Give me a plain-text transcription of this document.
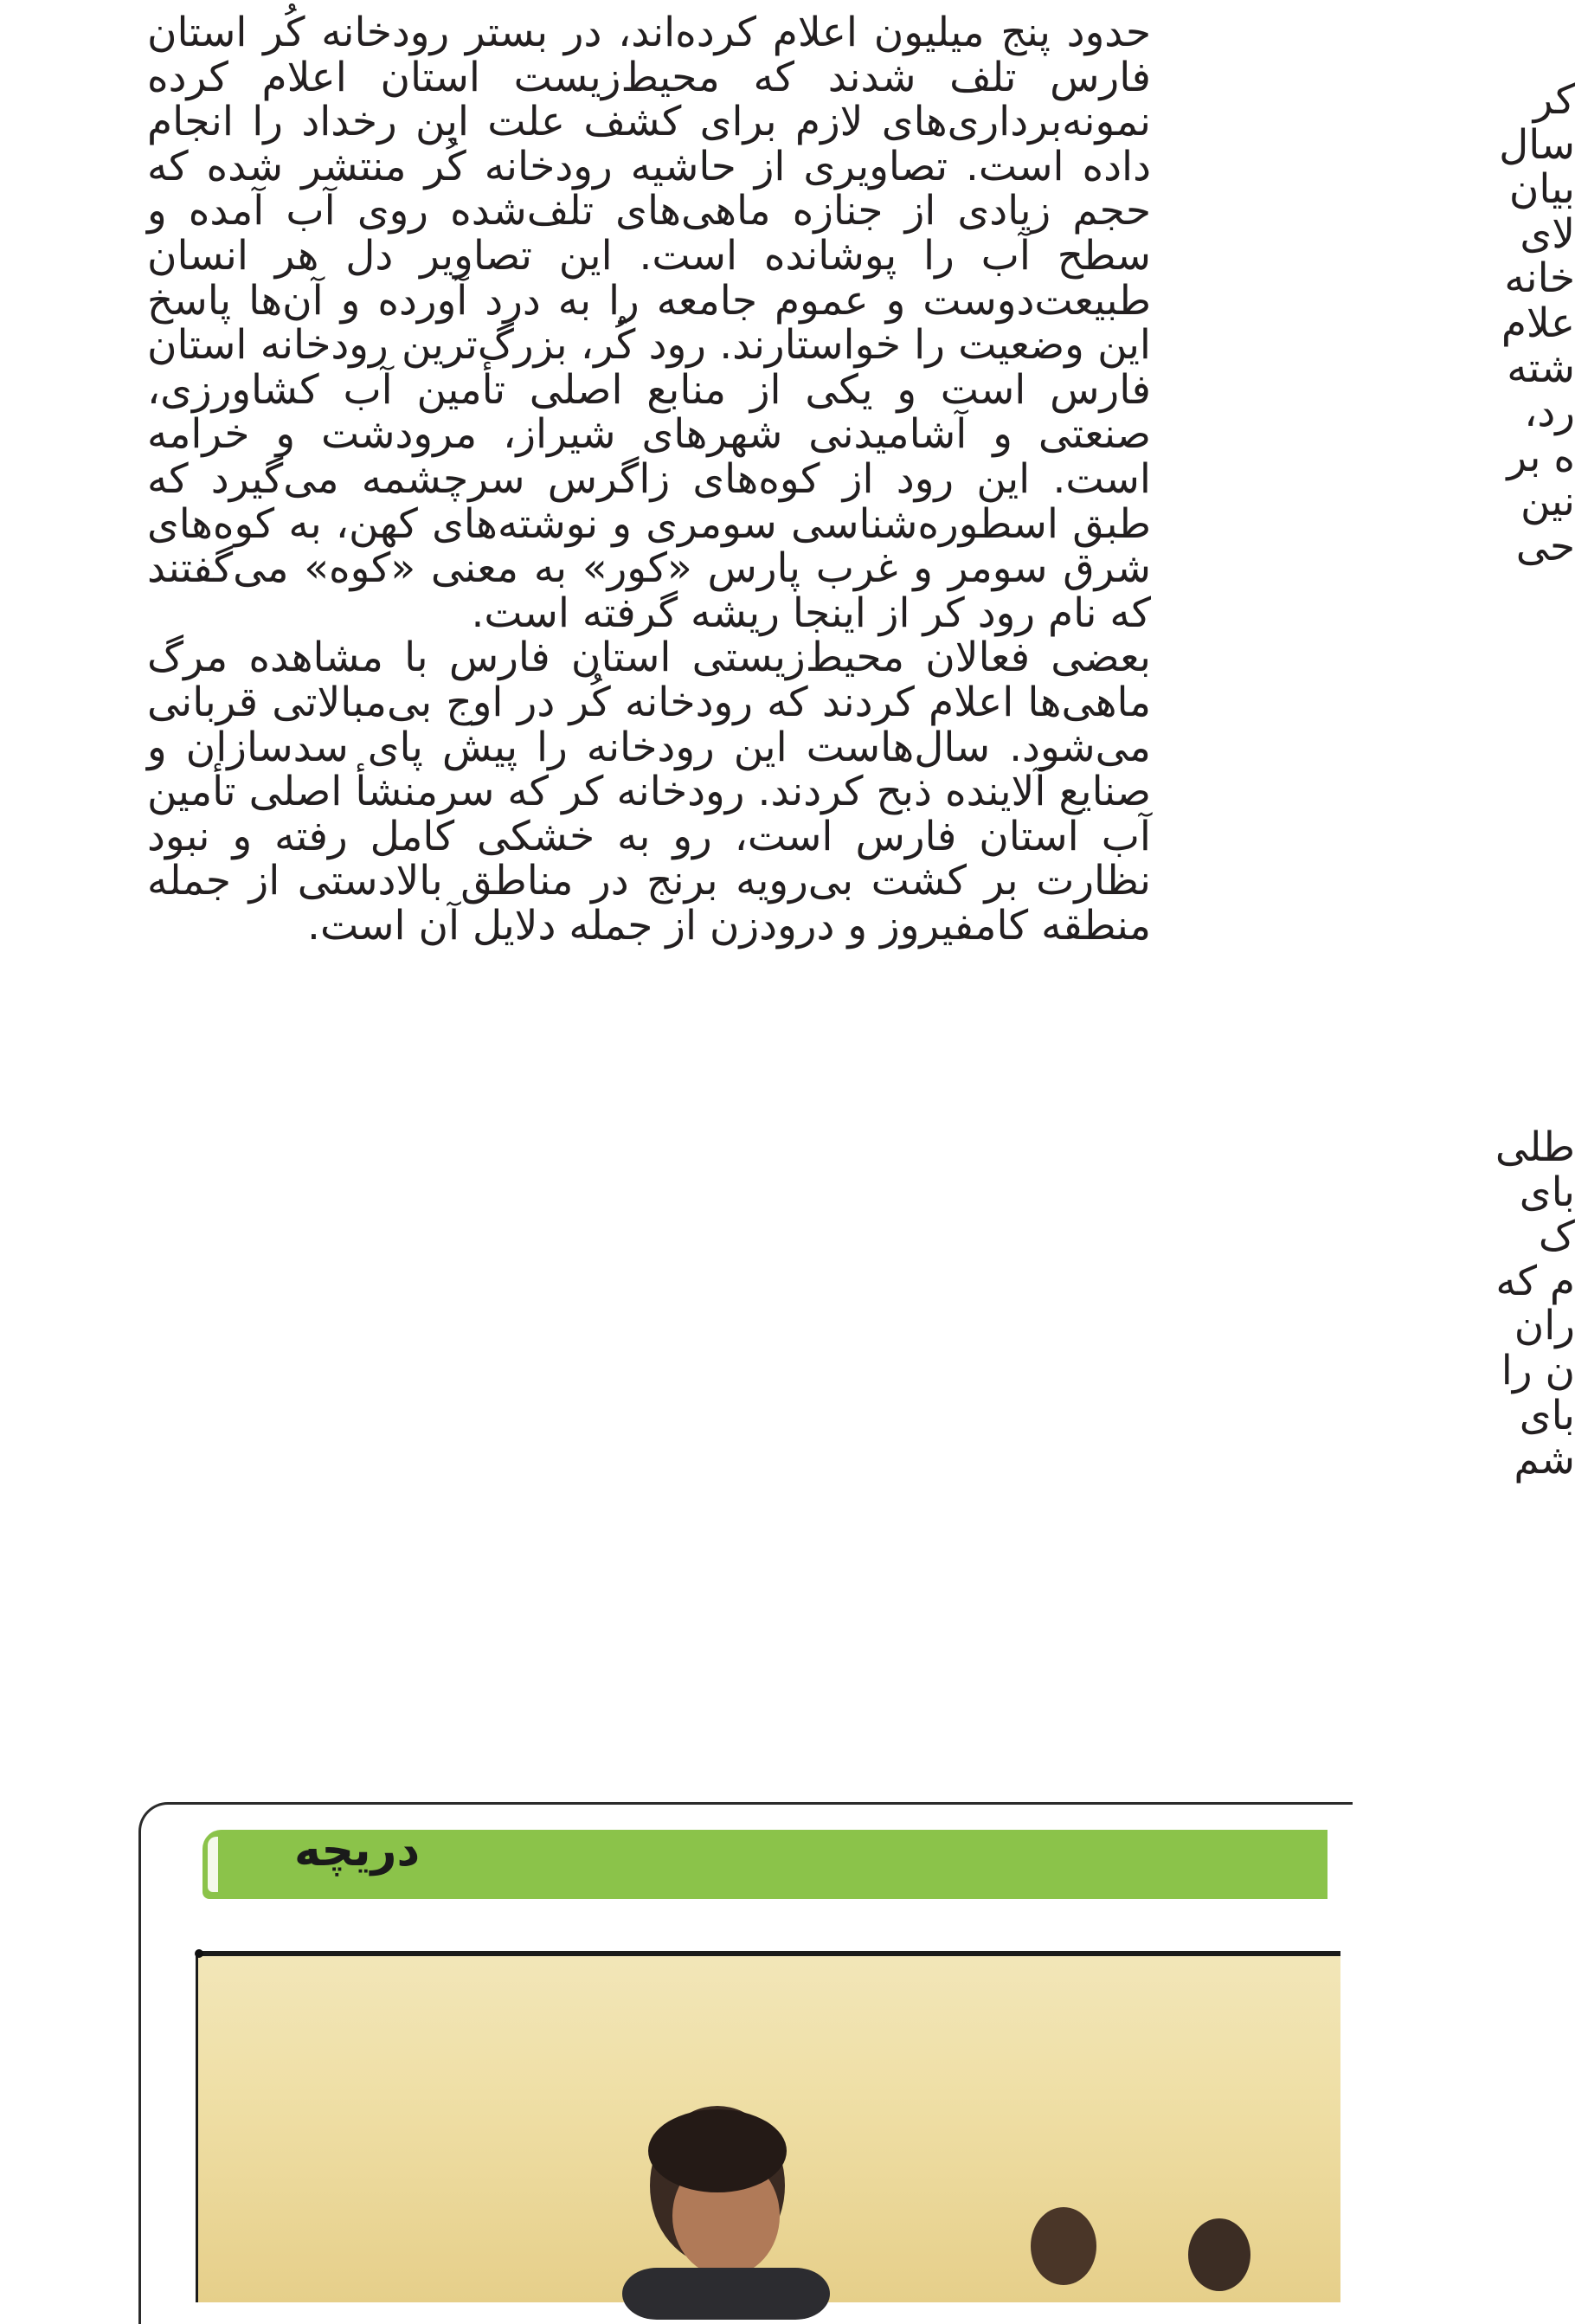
حدود پنج میلیون اعلام کرده‌اند، در بستر رودخانه کُر استان فارس تلف شدند که محیط‌زیست استان اعلام کرده نمونه‌برداری‌های لازم برای کشف علت این رخداد را انجام داده است. تصاویری از حاشیه رودخانه کُر منتشر شده که حجم زیادی از جنازه ماهی‌های تلف‌شده روی آب آمده و سطح آب را پوشانده است. این تصاویر دل هر انسان طبیعت‌دوست و عموم جامعه را به درد آورده و آن‌ها پاسخ این وضعیت را خواستارند. رود کُر، بزرگ‌ترین رودخانه استان فارس است و یکی از منابع اصلی تأمین آب کشاورزی، صنعتی و آشامیدنی شهرهای شیراز، مرودشت و خرامه است. این رود از کوه‌های زاگرس سرچشمه می‌گیرد که طبق اسطوره‌شناسی سومری و نوشته‌های کهن، به کوه‌های شرق سومر و غرب پارس «کور» به معنی «کوه» می‌گفتند که نام رود کر از اینجا ریشه گرفته است.

بعضی فعالان محیط‌زیستی استان فارس با مشاهده مرگ ماهی‌ها اعلام کردند که رودخانه کُر در اوج بی‌مبالاتی قربانی می‌شود. سال‌هاست این رودخانه را پیش پای سدسازان و صنایع آلاینده ذبح کردند. رودخانه کر که سرمنشأ اصلی تأمین آب استان فارس است، رو به خشکی کامل رفته و نبود نظارت بر کشت بی‌رویه برنج در مناطق بالادستی از جمله منطقه کامفیروز و درودزن از جمله دلایل آن است.

کر
سال
بیان
لای
خانه
علام
شته
رد،
ه بر
نین
حی
طلی
بای
ک
م که
ران
ن را
بای
شم
دریچه
